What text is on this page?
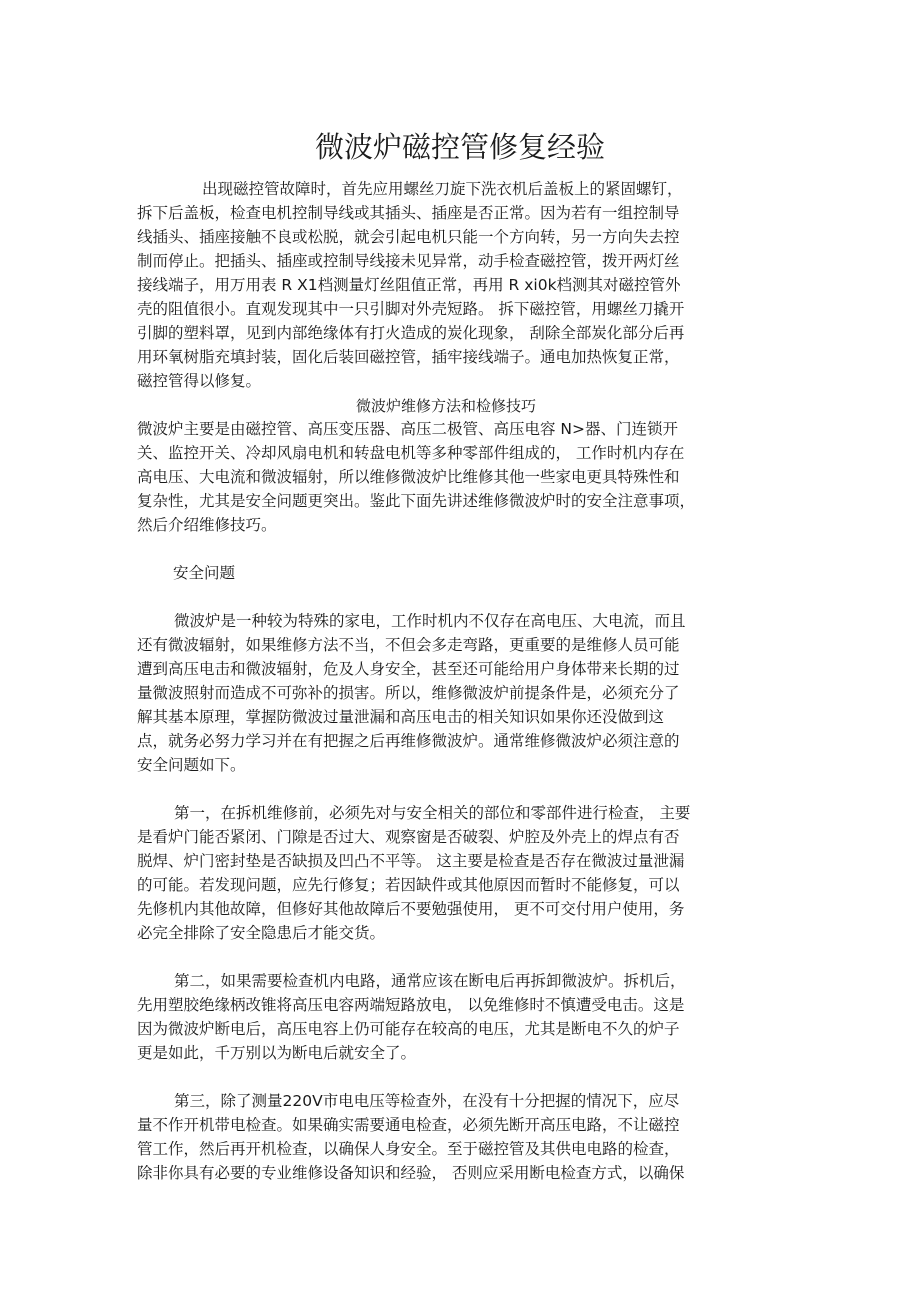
微波炉磁控管修复经验
出现磁控管故障时，首先应用螺丝刀旋下洗衣机后盖板上的紧固螺钉，
拆下后盖板，检查电机控制导线或其插头、插座是否正常。因为若有一组控制导
线插头、插座接触不良或松脱，就会引起电机只能一个方向转，另一方向失去控
制而停止。把插头、插座或控制导线接未见异常，动手检查磁控管，拨开两灯丝
接线端子，用万用表 R X1档测量灯丝阻值正常，再用 R xi0k档测其对磁控管外
壳的阻值很小。直观发现其中一只引脚对外壳短路。 拆下磁控管，用螺丝刀撬开
引脚的塑料罩，见到内部绝缘体有打火造成的炭化现象， 刮除全部炭化部分后再
用环氧树脂充填封装，固化后装回磁控管，插牢接线端子。通电加热恢复正常，
磁控管得以修复。
微波炉维修方法和检修技巧
微波炉主要是由磁控管、高压变压器、高压二极管、高压电容 N>器、门连锁开
关、监控开关、冷却风扇电机和转盘电机等多种零部件组成的， 工作时机内存在
高电压、大电流和微波辐射，所以维修微波炉比维修其他一些家电更具特殊性和
复杂性，尤其是安全问题更突出。鉴此下面先讲述维修微波炉时的安全注意事项，
然后介绍维修技巧。
安全问题
微波炉是一种较为特殊的家电，工作时机内不仅存在高电压、大电流，而且
还有微波辐射，如果维修方法不当，不但会多走弯路，更重要的是维修人员可能
遭到高压电击和微波辐射，危及人身安全，甚至还可能给用户身体带来长期的过
量微波照射而造成不可弥补的损害。所以，维修微波炉前提条件是，必须充分了
解其基本原理，掌握防微波过量泄漏和高压电击的相关知识如果你还没做到这
点，就务必努力学习并在有把握之后再维修微波炉。通常维修微波炉必须注意的
安全问题如下。
第一，在拆机维修前，必须先对与安全相关的部位和零部件进行检查， 主要
是看炉门能否紧闭、门隙是否过大、观察窗是否破裂、炉腔及外壳上的焊点有否
脱焊、炉门密封垫是否缺损及凹凸不平等。 这主要是检查是否存在微波过量泄漏
的可能。若发现问题，应先行修复；若因缺件或其他原因而暂时不能修复，可以
先修机内其他故障，但修好其他故障后不要勉强使用， 更不可交付用户使用，务
必完全排除了安全隐患后才能交货。
第二，如果需要检查机内电路，通常应该在断电后再拆卸微波炉。拆机后，
先用塑胶绝缘柄改锥将高压电容两端短路放电， 以免维修时不慎遭受电击。这是
因为微波炉断电后，高压电容上仍可能存在较高的电压，尤其是断电不久的炉子
更是如此，千万别以为断电后就安全了。
第三，除了测量220V市电电压等检查外，在没有十分把握的情况下，应尽
量不作开机带电检查。如果确实需要通电检查，必须先断开高压电路，不让磁控
管工作，然后再开机检查，以确保人身安全。至于磁控管及其供电电路的检查，
除非你具有必要的专业维修设备知识和经验， 否则应采用断电检查方式，以确保
